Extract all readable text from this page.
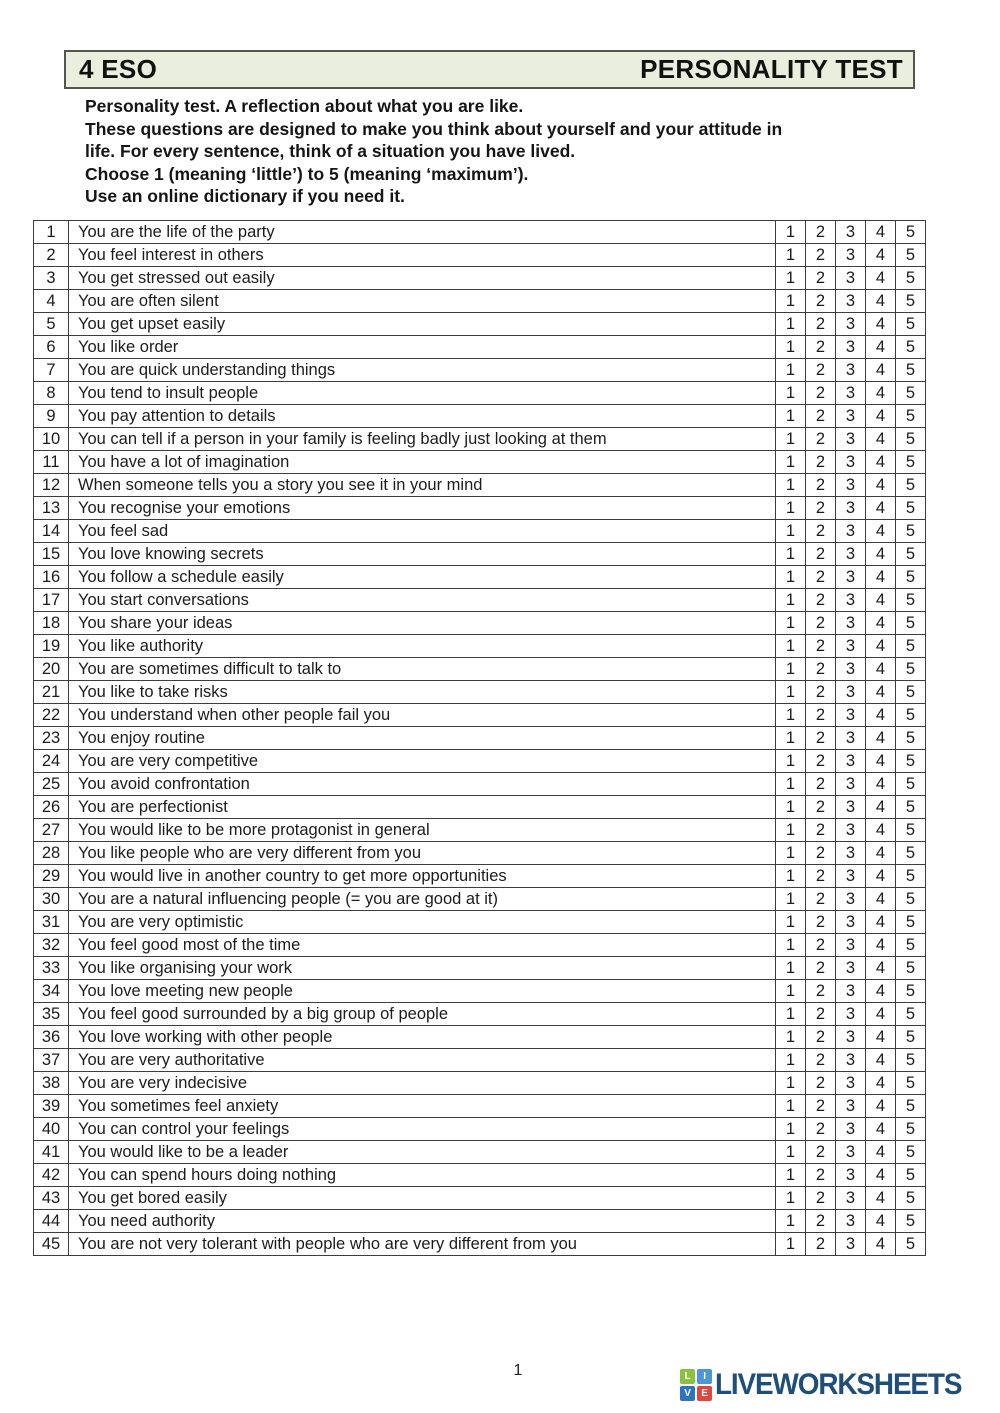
4 ESO	PERSONALITY TEST
Personality test. A reflection about what you are like.
These questions are designed to make you think about yourself and your attitude in
life. For every sentence, think of a situation you have lived.
Choose 1 (meaning ‘little’) to 5 (meaning ‘maximum’).
Use an online dictionary if you need it.
1	You are the life of the party	1	2	3	4	5
2	You feel interest in others	1	2	3	4	5
3	You get stressed out easily	1	2	3	4	5
4	You are often silent	1	2	3	4	5
5	You get upset easily	1	2	3	4	5
6	You like order	1	2	3	4	5
7	You are quick understanding things	1	2	3	4	5
8	You tend to insult people	1	2	3	4	5
9	You pay attention to details	1	2	3	4	5
10	You can tell if a person in your family is feeling badly just looking at them	1	2	3	4	5
11	You have a lot of imagination	1	2	3	4	5
12	When someone tells you a story you see it in your mind	1	2	3	4	5
13	You recognise your emotions	1	2	3	4	5
14	You feel sad	1	2	3	4	5
15	You love knowing secrets	1	2	3	4	5
16	You follow a schedule easily	1	2	3	4	5
17	You start conversations	1	2	3	4	5
18	You share your ideas	1	2	3	4	5
19	You like authority	1	2	3	4	5
20	You are sometimes difficult to talk to	1	2	3	4	5
21	You like to take risks	1	2	3	4	5
22	You understand when other people fail you	1	2	3	4	5
23	You enjoy routine	1	2	3	4	5
24	You are very competitive	1	2	3	4	5
25	You avoid confrontation	1	2	3	4	5
26	You are perfectionist	1	2	3	4	5
27	You would like to be more protagonist in general	1	2	3	4	5
28	You like people who are very different from you	1	2	3	4	5
29	You would live in another country to get more opportunities	1	2	3	4	5
30	You are a natural influencing people (= you are good at it)	1	2	3	4	5
31	You are very optimistic	1	2	3	4	5
32	You feel good most of the time	1	2	3	4	5
33	You like organising your work	1	2	3	4	5
34	You love meeting new people	1	2	3	4	5
35	You feel good surrounded by a big group of people	1	2	3	4	5
36	You love working with other people	1	2	3	4	5
37	You are very authoritative	1	2	3	4	5
38	You are very indecisive	1	2	3	4	5
39	You sometimes feel anxiety	1	2	3	4	5
40	You can control your feelings	1	2	3	4	5
41	You would like to be a leader	1	2	3	4	5
42	You can spend hours doing nothing	1	2	3	4	5
43	You get bored easily	1	2	3	4	5
44	You need authority	1	2	3	4	5
45	You are not very tolerant with people who are very different from you	1	2	3	4	5
1	L	I
V	E LIVEWORKSHEETS
